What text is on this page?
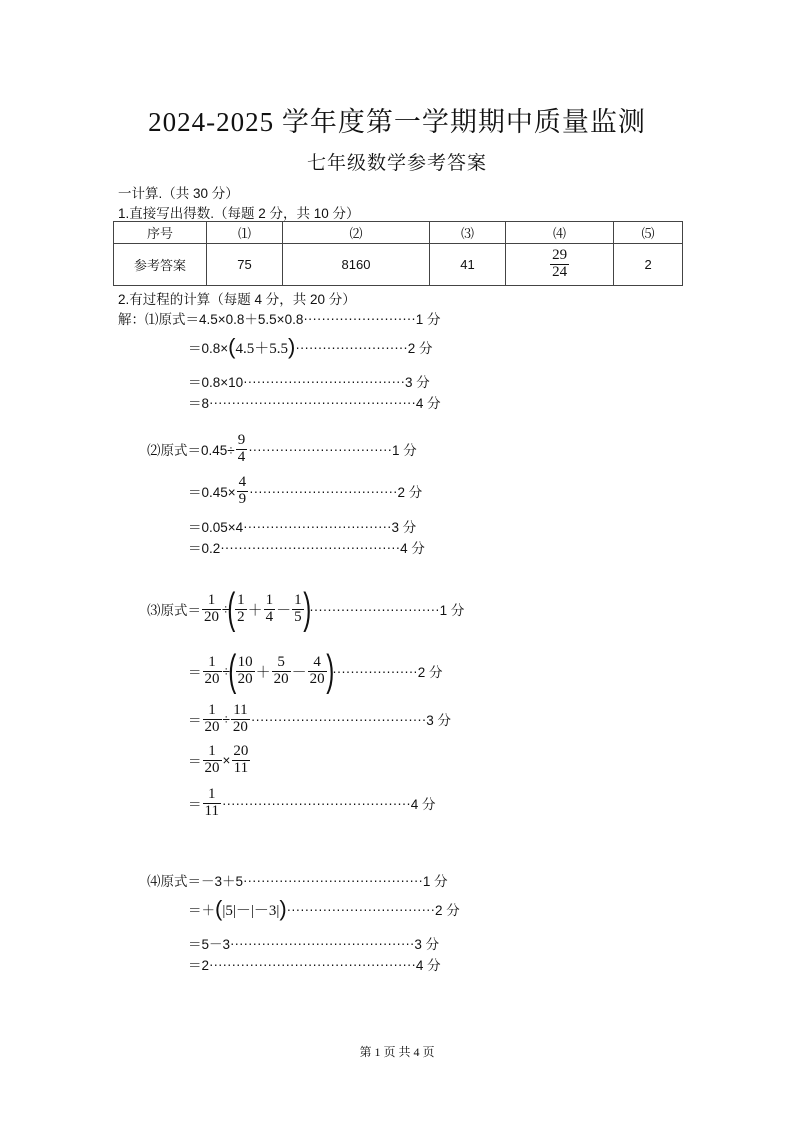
2024-2025 学年度第一学期期中质量监测
七年级数学参考答案
一计算.（共 30 分）
1.直接写出得数.（每题 2 分，共 10 分）
序号	⑴	⑵	⑶	⑷	⑸
参考答案	75	8160	41	$\frac{29}{24}$	2
2.有过程的计算（每题 4 分，共 20 分）
解：⑴原式＝4.5×0.8＋5.5×0.8 ························· 1 分
＝0.8× ( 4.5＋5.5 ) ························· 2 分
＝0.8×10 ···································· 3 分
＝8 ·············································· 4 分
⑵原式$=0.45\div \frac{9}{4}$ ································ 1 分
$=0.45\times \frac{4}{9}$ ································· 2 分
＝0.05×4 ································· 3 分
＝0.2 ········································ 4 分
⑶原式＝ $\frac{1}{20}$ ÷
( $\frac{1}{2} + \frac{1}{4} - \frac{1}{5}$ )
····························· 1 分
＝ $\frac{1}{20}$ ÷
( $\frac{10}{20} + \frac{5}{20} - \frac{4}{20}$ )
··················· 2 分
＝ $\frac{1}{20} \div \frac{11}{20}$ ······································· 3 分
＝ $\frac{1}{20} \times \frac{20}{11}$
＝ $\frac{1}{11}$ ·········································· 4 分
⑷原式＝－3＋5 ········································ 1 分
＝＋ ( |5|－|－3| ) ································· 2 分
＝5－3 ········································· 3 分
＝2 ·············································· 4 分
第 1 页 共 4 页
